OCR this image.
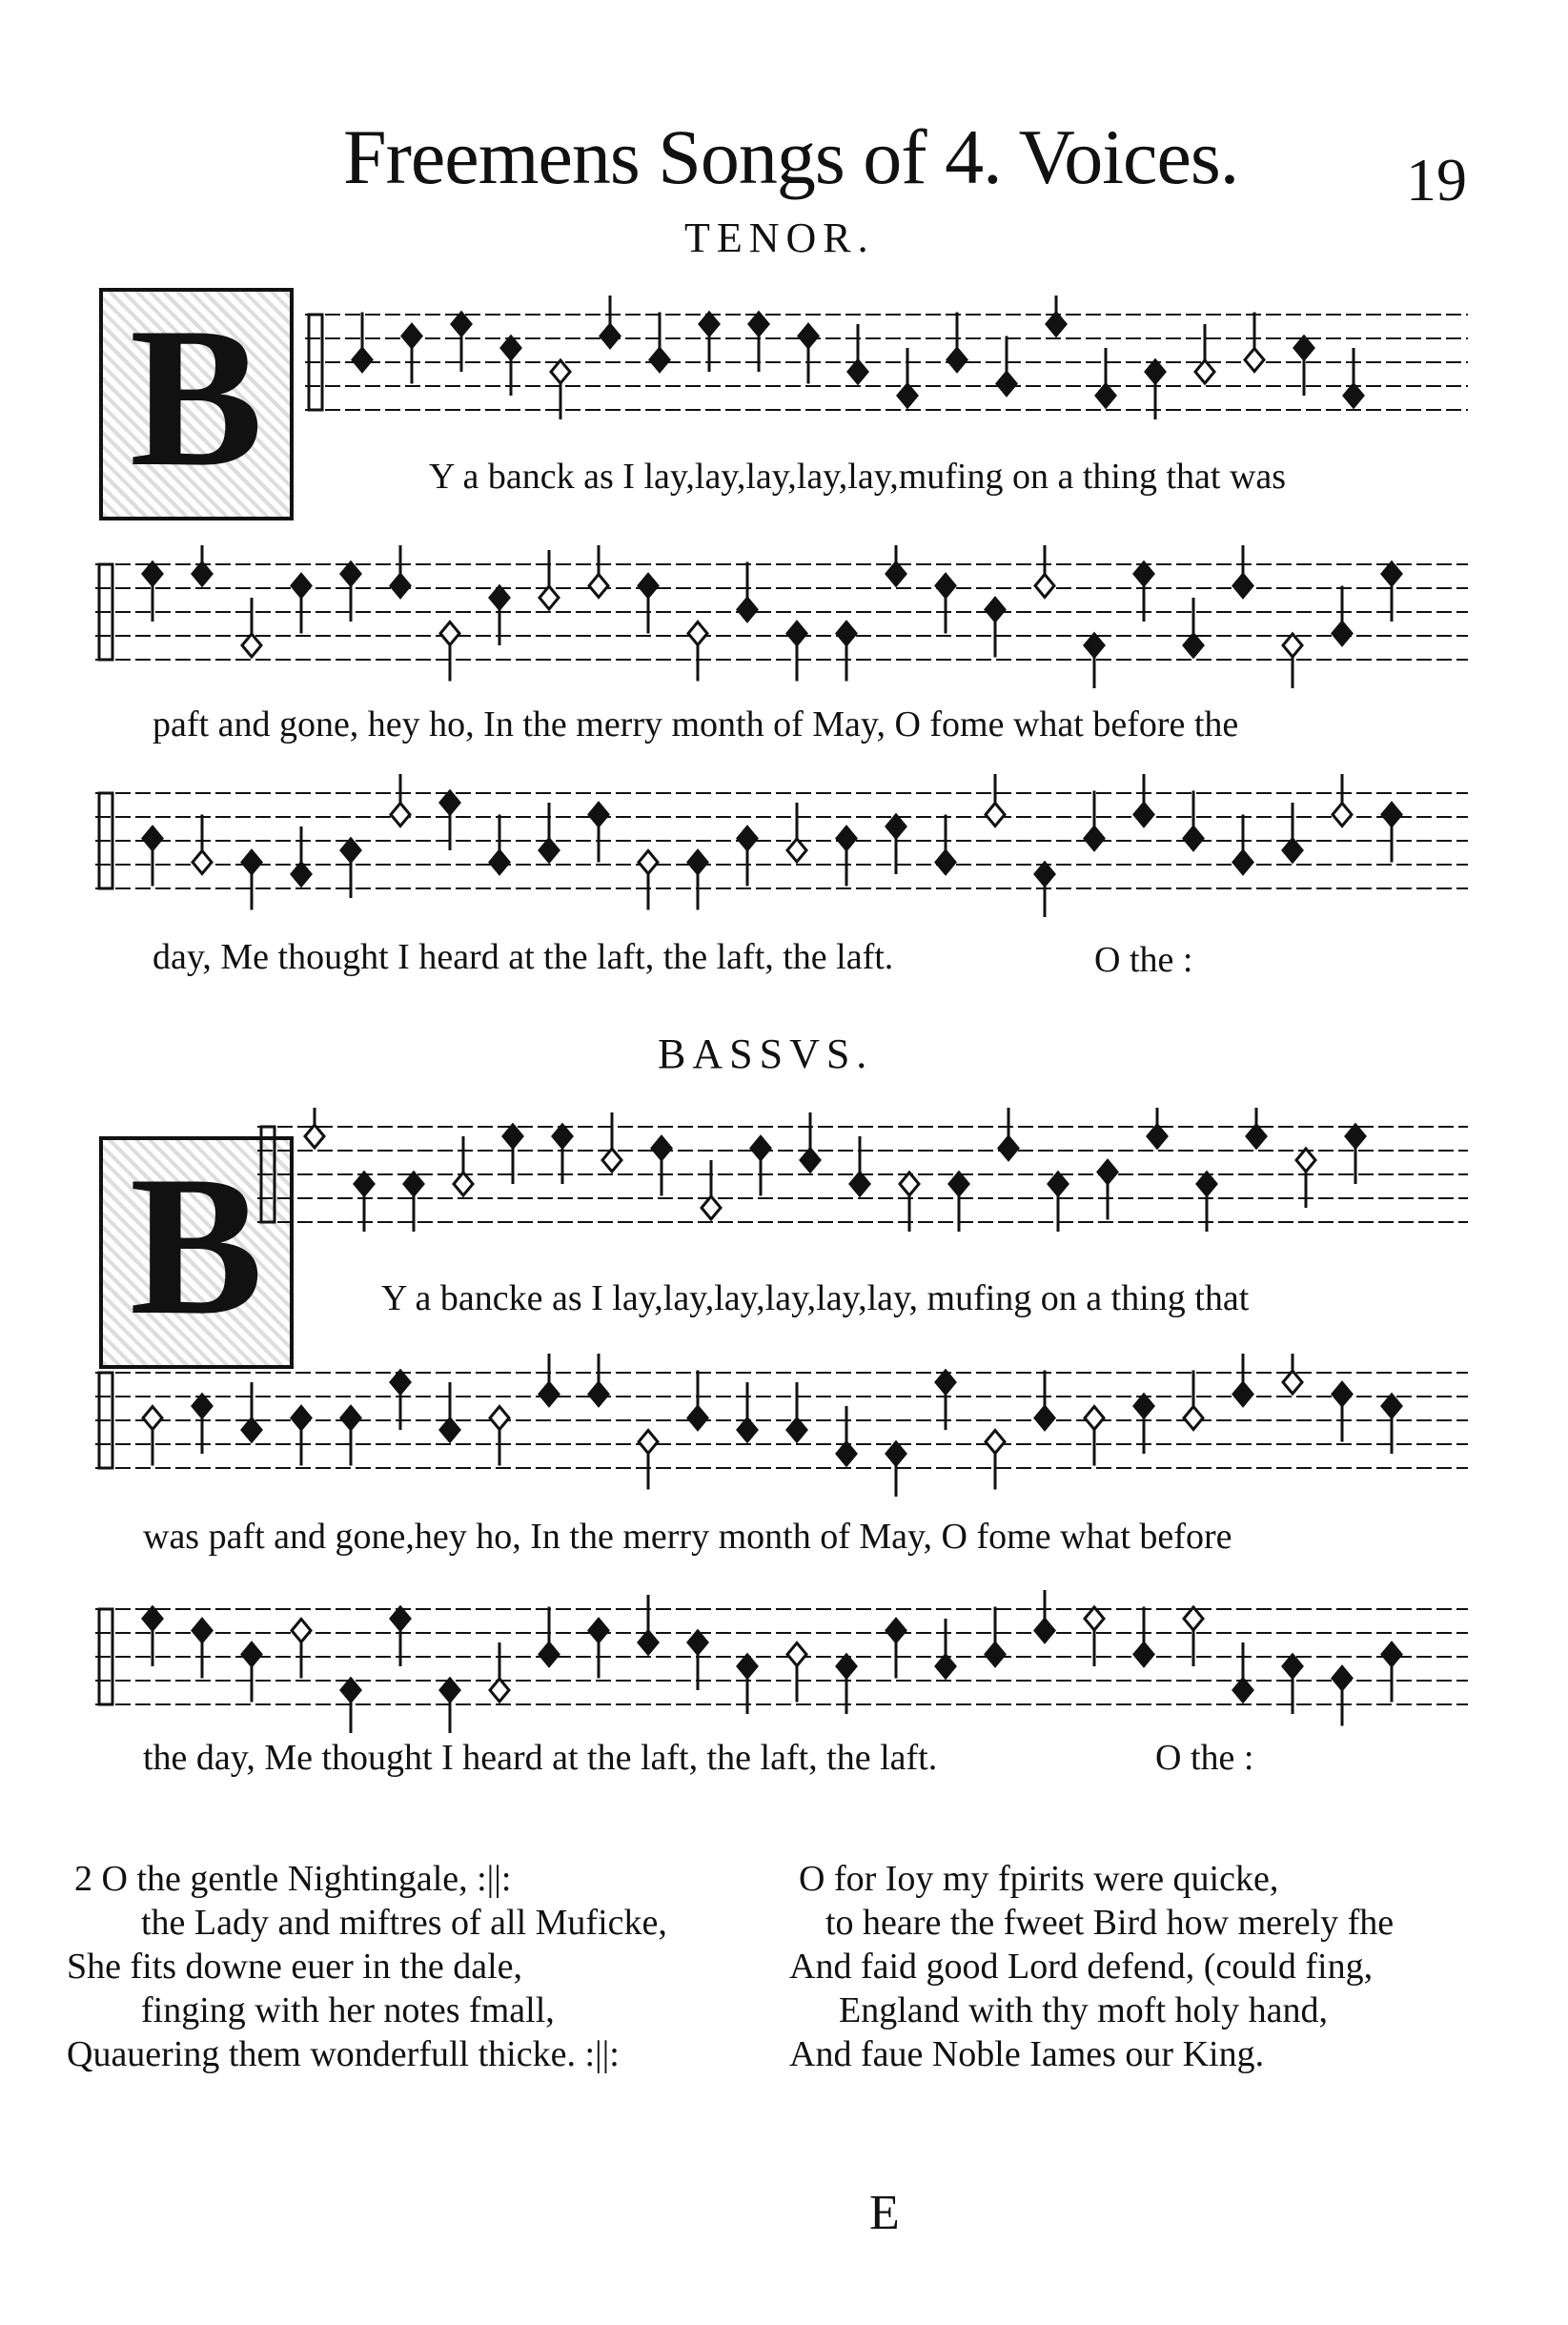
Freemens Songs of 4. Voices.	19
TENOR.
B	Y a banck as I lay,lay,lay,lay,lay,mufing on a thing that was
paft and gone, hey ho, In the merry month of May, O fome what before the
day, Me thought I heard at the laft, the laft, the laft.	O the :
BASSVS.
B	Y a bancke as I lay,lay,lay,lay,lay,lay, mufing on a thing that
was paft and gone,hey ho, In the merry month of May, O fome what before
the day, Me thought I heard at the laft, the laft, the laft.	O the :
2 O the gentle Nightingale, :||:
the Lady and miftres of all Muficke,
She fits downe euer in the dale,
finging with her notes fmall,
Quauering them wonderfull thicke. :||:
O for Ioy my fpirits were quicke,
to heare the fweet Bird how merely fhe
And faid good Lord defend, (could fing,
England with thy moft holy hand,
And faue Noble Iames our King.
E
